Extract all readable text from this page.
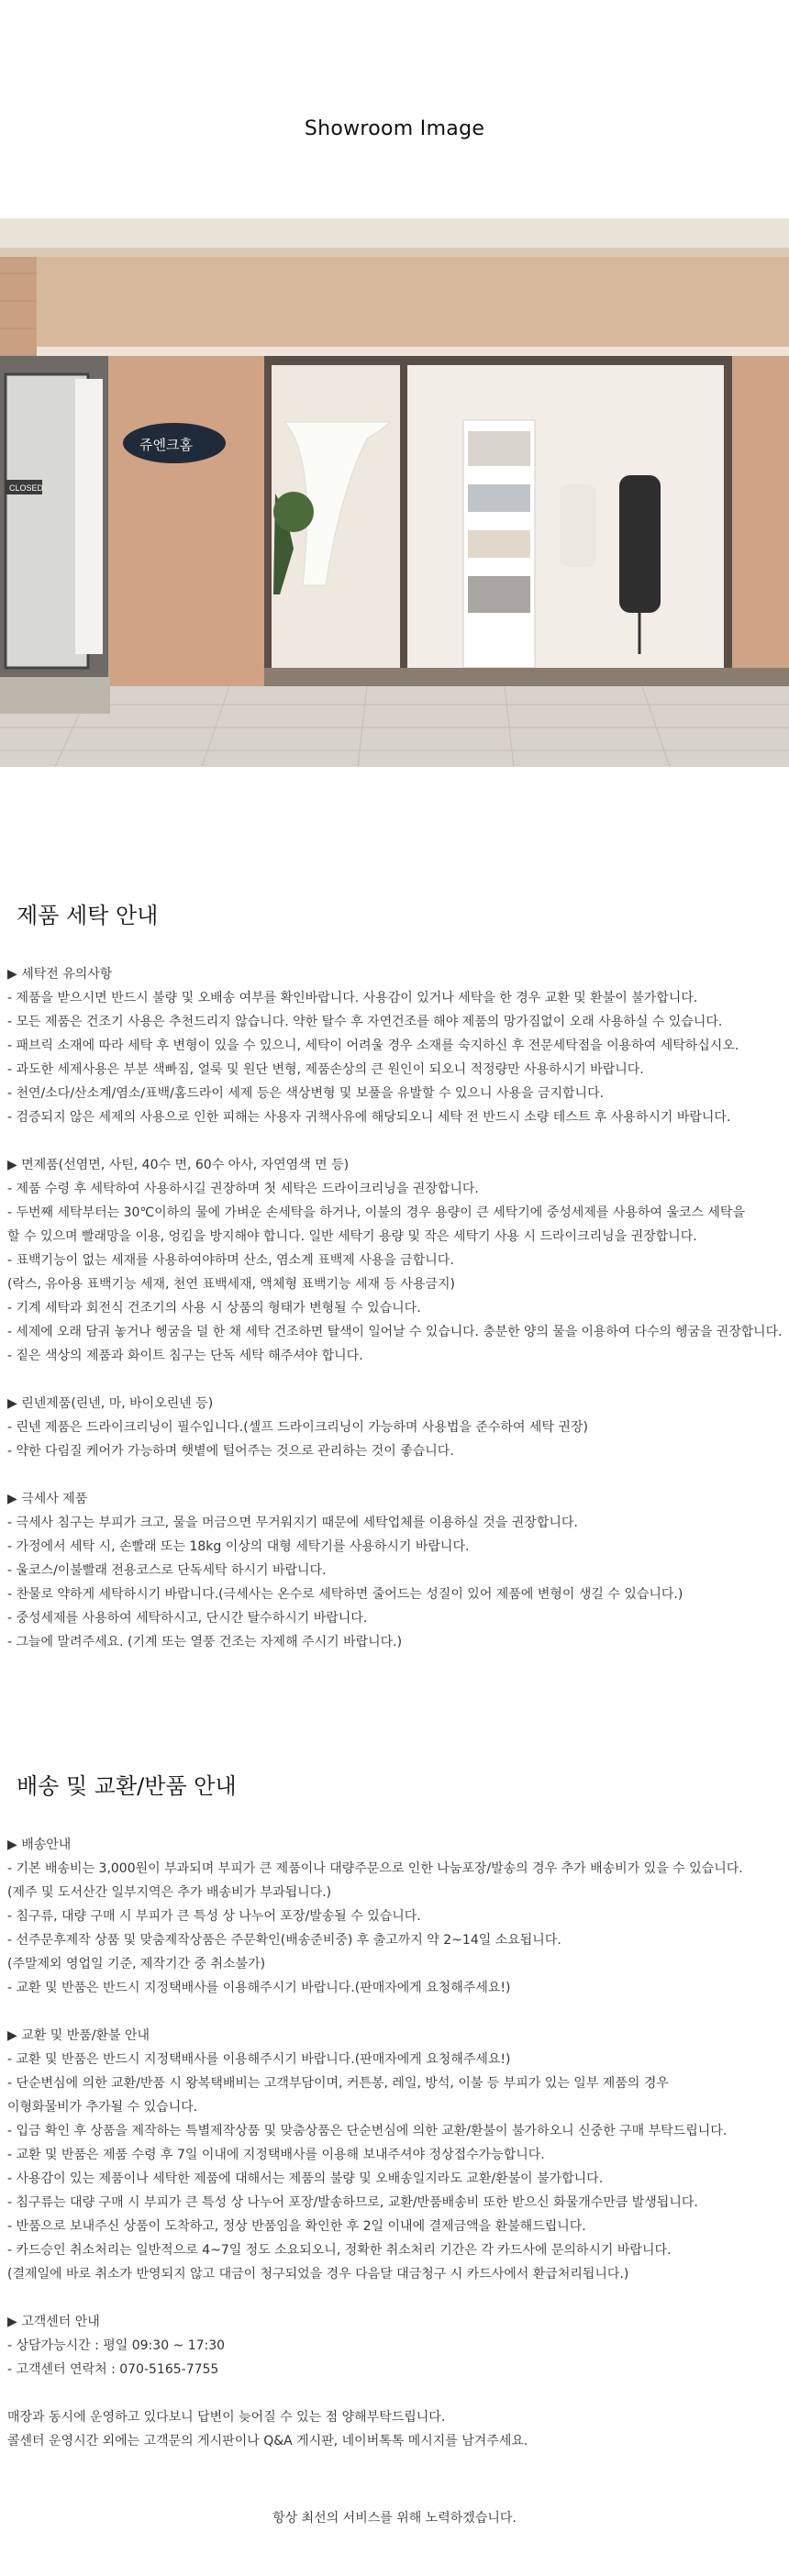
Showroom Image
CLOSED
쥬엔크홈
제품 세탁 안내
▶ 세탁전 유의사항
- 제품을 받으시면 반드시 불량 및 오배송 여부를 확인바랍니다. 사용감이 있거나 세탁을 한 경우 교환 및 환불이 불가합니다.
- 모든 제품은 건조기 사용은 추천드리지 않습니다. 약한 탈수 후 자연건조를 해야 제품의 망가짐없이 오래 사용하실 수 있습니다.
- 패브릭 소재에 따라 세탁 후 변형이 있을 수 있으니, 세탁이 어려울 경우 소재를 숙지하신 후 전문세탁점을 이용하여 세탁하십시오.
- 과도한 세제사용은 부분 색빠짐, 얼룩 및 원단 변형, 제품손상의 큰 원인이 되오니 적정량만 사용하시기 바랍니다.
- 천연/소다/산소계/염소/표백/홈드라이 세제 등은 색상변형 및 보풀을 유발할 수 있으니 사용을 금지합니다.
- 검증되지 않은 세제의 사용으로 인한 피해는 사용자 귀책사유에 해당되오니 세탁 전 반드시 소량 테스트 후 사용하시기 바랍니다.
▶ 면제품(선염면, 사틴, 40수 면, 60수 아사, 자연염색 면 등)
- 제품 수령 후 세탁하여 사용하시길 권장하며 첫 세탁은 드라이크리닝을 권장합니다.
- 두번째 세탁부터는 30℃이하의 물에 가벼운 손세탁을 하거나, 이불의 경우 용량이 큰 세탁기에 중성세제를 사용하여 울코스 세탁을
할 수 있으며 빨래망을 이용, 엉킴을 방지해야 합니다. 일반 세탁기 용량 및 작은 세탁기 사용 시 드라이크리닝을 권장합니다.
- 표백기능이 없는 세재를 사용하여야하며 산소, 염소계 표백제 사용을 금합니다.
(락스, 유아용 표백기능 세재, 천연 표백세재, 액체형 표백기능 세재 등 사용금지)
- 기계 세탁과 회전식 건조기의 사용 시 상품의 형태가 변형될 수 있습니다.
- 세제에 오래 담궈 놓거나 헹굼을 덜 한 채 세탁 건조하면 탈색이 일어날 수 있습니다. 충분한 양의 물을 이용하여 다수의 헹굼을 권장합니다.
- 짙은 색상의 제품과 화이트 침구는 단독 세탁 해주셔야 합니다.
▶ 린넨제품(린넨, 마, 바이오린넨 등)
- 린넨 제품은 드라이크리닝이 필수입니다.(셀프 드라이크리닝이 가능하며 사용법을 준수하여 세탁 권장)
- 약한 다림질 케어가 가능하며 햇볕에 털어주는 것으로 관리하는 것이 좋습니다.
▶ 극세사 제품
- 극세사 침구는 부피가 크고, 물을 머금으면 무거워지기 때문에 세탁업체를 이용하실 것을 권장합니다.
- 가정에서 세탁 시, 손빨래 또는 18kg 이상의 대형 세탁기를 사용하시기 바랍니다.
- 울코스/이불빨래 전용코스로 단독세탁 하시기 바랍니다.
- 찬물로 약하게 세탁하시기 바랍니다.(극세사는 온수로 세탁하면 줄어드는 성질이 있어 제품에 변형이 생길 수 있습니다.)
- 중성세제를 사용하여 세탁하시고, 단시간 탈수하시기 바랍니다.
- 그늘에 말려주세요. (기계 또는 열풍 건조는 자제해 주시기 바랍니다.)
배송 및 교환/반품 안내
▶ 배송안내
- 기본 배송비는 3,000원이 부과되며 부피가 큰 제품이나 대량주문으로 인한 나눔포장/발송의 경우 추가 배송비가 있을 수 있습니다.
(제주 및 도서산간 일부지역은 추가 배송비가 부과됩니다.)
- 침구류, 대량 구매 시 부피가 큰 특성 상 나누어 포장/발송될 수 있습니다.
- 선주문후제작 상품 및 맞춤제작상품은 주문확인(배송준비중) 후 출고까지 약 2~14일 소요됩니다.
(주말제외 영업일 기준, 제작기간 중 취소불가)
- 교환 및 반품은 반드시 지정택배사를 이용해주시기 바랍니다.(판매자에게 요청해주세요!)
▶ 교환 및 반품/환불 안내
- 교환 및 반품은 반드시 지정택배사를 이용해주시기 바랍니다.(판매자에게 요청해주세요!)
- 단순변심에 의한 교환/반품 시 왕복택배비는 고객부담이며, 커튼봉, 레일, 방석, 이불 등 부피가 있는 일부 제품의 경우
이형화물비가 추가될 수 있습니다.
- 입금 확인 후 상품을 제작하는 특별제작상품 및 맞춤상품은 단순변심에 의한 교환/환불이 불가하오니 신중한 구매 부탁드립니다.
- 교환 및 반품은 제품 수령 후 7일 이내에 지정택배사를 이용해 보내주셔야 정상접수가능합니다.
- 사용감이 있는 제품이나 세탁한 제품에 대해서는 제품의 불량 및 오배송일지라도 교환/환불이 불가합니다.
- 침구류는 대량 구매 시 부피가 큰 특성 상 나누어 포장/발송하므로, 교환/반품배송비 또한 받으신 화물개수만큼 발생됩니다.
- 반품으로 보내주신 상품이 도착하고, 정상 반품임을 확인한 후 2일 이내에 결제금액을 환불해드립니다.
- 카드승인 취소처리는 일반적으로 4~7일 정도 소요되오니, 정확한 취소처리 기간은 각 카드사에 문의하시기 바랍니다.
(결제일에 바로 취소가 반영되지 않고 대금이 청구되었을 경우 다음달 대금청구 시 카드사에서 환급처리됩니다.)
▶ 고객센터 안내
- 상담가능시간 : 평일 09:30 ~ 17:30
- 고객센터 연락처 : 070-5165-7755
매장과 동시에 운영하고 있다보니 답변이 늦어질 수 있는 점 양해부탁드립니다.
콜센터 운영시간 외에는 고객문의 게시판이나 Q&A 게시판, 네이버톡톡 메시지를 남겨주세요.
항상 최선의 서비스를 위해 노력하겠습니다.
